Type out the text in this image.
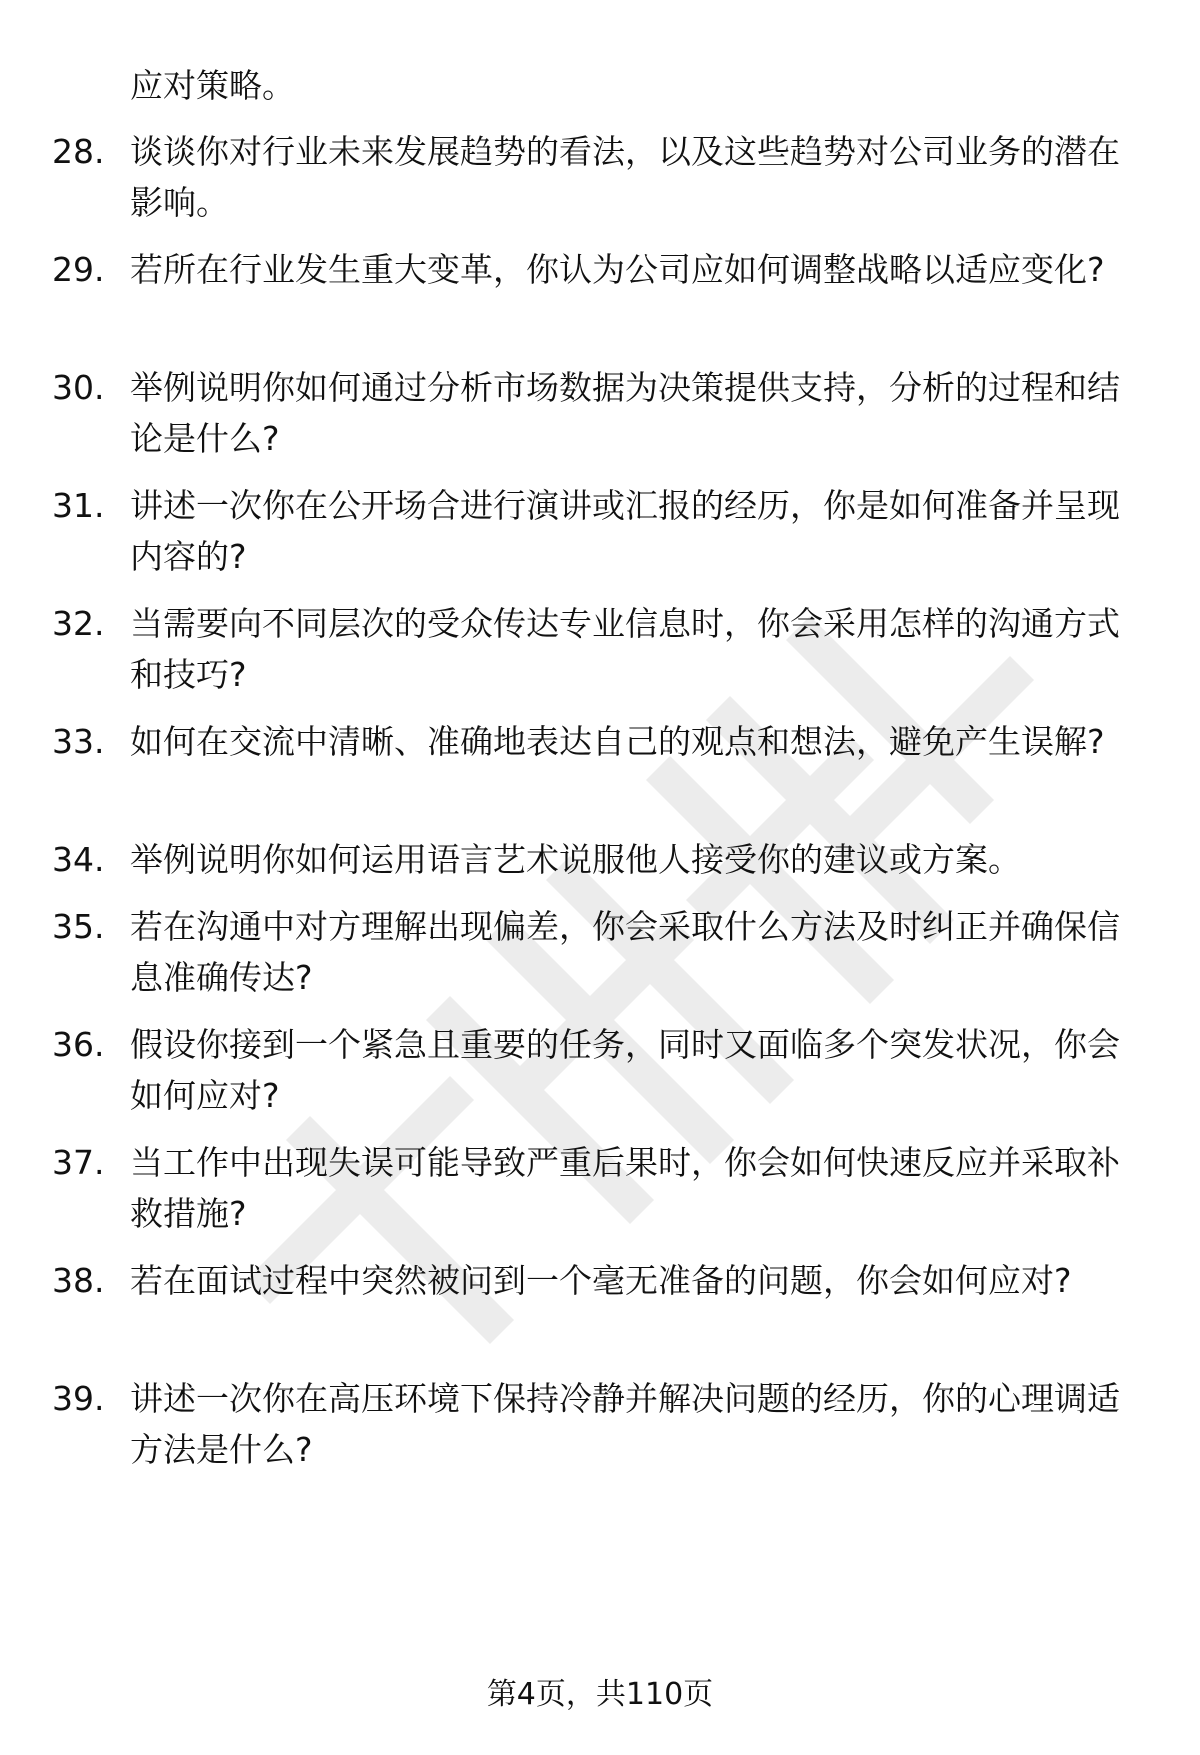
应对策略。
28. 谈谈你对行业未来发展趋势的看法，以及这些趋势对公司业务的潜在影响。
29. 若所在行业发生重大变革，你认为公司应如何调整战略以适应变化?
30. 举例说明你如何通过分析市场数据为决策提供支持，分析的过程和结论是什么?
31. 讲述一次你在公开场合进行演讲或汇报的经历，你是如何准备并呈现内容的?
32. 当需要向不同层次的受众传达专业信息时，你会采用怎样的沟通方式和技巧?
33. 如何在交流中清晰、准确地表达自己的观点和想法，避免产生误解?
34. 举例说明你如何运用语言艺术说服他人接受你的建议或方案。
35. 若在沟通中对方理解出现偏差，你会采取什么方法及时纠正并确保信息准确传达?
36. 假设你接到一个紧急且重要的任务，同时又面临多个突发状况，你会如何应对?
37. 当工作中出现失误可能导致严重后果时，你会如何快速反应并采取补救措施?
38. 若在面试过程中突然被问到一个毫无准备的问题，你会如何应对?
39. 讲述一次你在高压环境下保持冷静并解决问题的经历，你的心理调适方法是什么?
第4页，共110页
